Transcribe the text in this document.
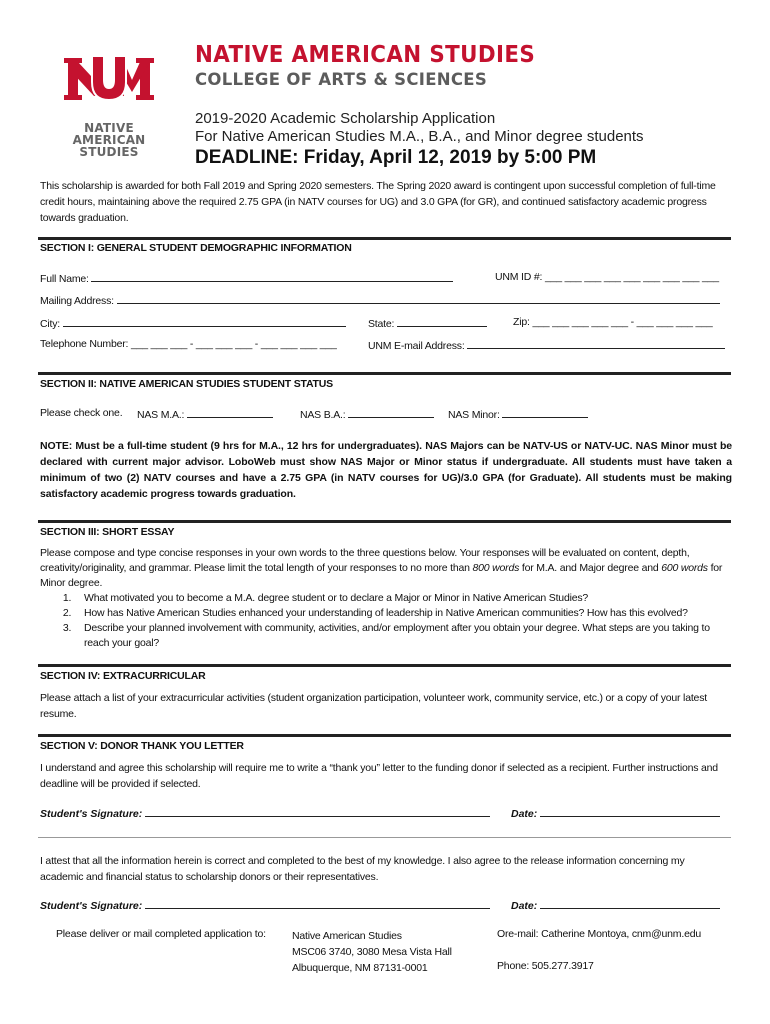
NATIVE
AMERICAN
STUDIES
NATIVE AMERICAN STUDIES
COLLEGE OF ARTS & SCIENCES
2019-2020 Academic Scholarship Application
For Native American Studies M.A., B.A., and Minor degree students
DEADLINE: Friday, April 12, 2019 by 5:00 PM
This scholarship is awarded for both Fall 2019 and Spring 2020 semesters. The Spring 2020 award is contingent upon successful completion of full-time credit hours, maintaining above the required 2.75 GPA (in NATV courses for UG) and 3.0 GPA (for GR), and continued satisfactory academic progress towards graduation.
SECTION I: GENERAL STUDENT DEMOGRAPHIC INFORMATION
Full Name:	UNM ID #: ___ ___ ___ ___ ___ ___ ___ ___ ___
Mailing Address:
City:	State:	Zip: ___ ___ ___ ___ ___ - ___ ___ ___ ___
Telephone Number: ___ ___ ___ - ___ ___ ___ - ___ ___ ___ ___	UNM E-mail Address:
SECTION II: NATIVE AMERICAN STUDIES STUDENT STATUS
Please check one. NAS M.A.:	NAS B.A.:	NAS Minor:
NOTE: Must be a full-time student (9 hrs for M.A., 12 hrs for undergraduates). NAS Majors can be NATV-US or NATV-UC. NAS Minor must be declared with current major advisor. LoboWeb must show NAS Major or Minor status if undergraduate. All students must have taken a minimum of two (2) NATV courses and have a 2.75 GPA (in NATV courses for UG)/3.0 GPA (for Graduate). All students must be making satisfactory academic progress towards graduation.
SECTION III: SHORT ESSAY
Please compose and type concise responses in your own words to the three questions below. Your responses will be evaluated on content, depth, creativity/originality, and grammar. Please limit the total length of your responses to no more than 800 words for M.A. and Major degree and 600 words for Minor degree.
1. What motivated you to become a M.A. degree student or to declare a Major or Minor in Native American Studies?
2. How has Native American Studies enhanced your understanding of leadership in Native American communities? How has this evolved?
3. Describe your planned involvement with community, activities, and/or employment after you obtain your degree. What steps are you taking to reach your goal?
SECTION IV: EXTRACURRICULAR
Please attach a list of your extracurricular activities (student organization participation, volunteer work, community service, etc.) or a copy of your latest resume.
SECTION V: DONOR THANK YOU LETTER
I understand and agree this scholarship will require me to write a “thank you” letter to the funding donor if selected as a recipient. Further instructions and deadline will be provided if selected.
Student's Signature:	Date:
I attest that all the information herein is correct and completed to the best of my knowledge. I also agree to the release information concerning my academic and financial status to scholarship donors or their representatives.
Student's Signature:	Date:
Please deliver or mail completed application to: Native American Studies
MSC06 3740, 3080 Mesa Vista Hall
Albuquerque, NM 87131-0001
Ore-mail: Catherine Montoya, cnm@unm.edu
Phone: 505.277.3917
